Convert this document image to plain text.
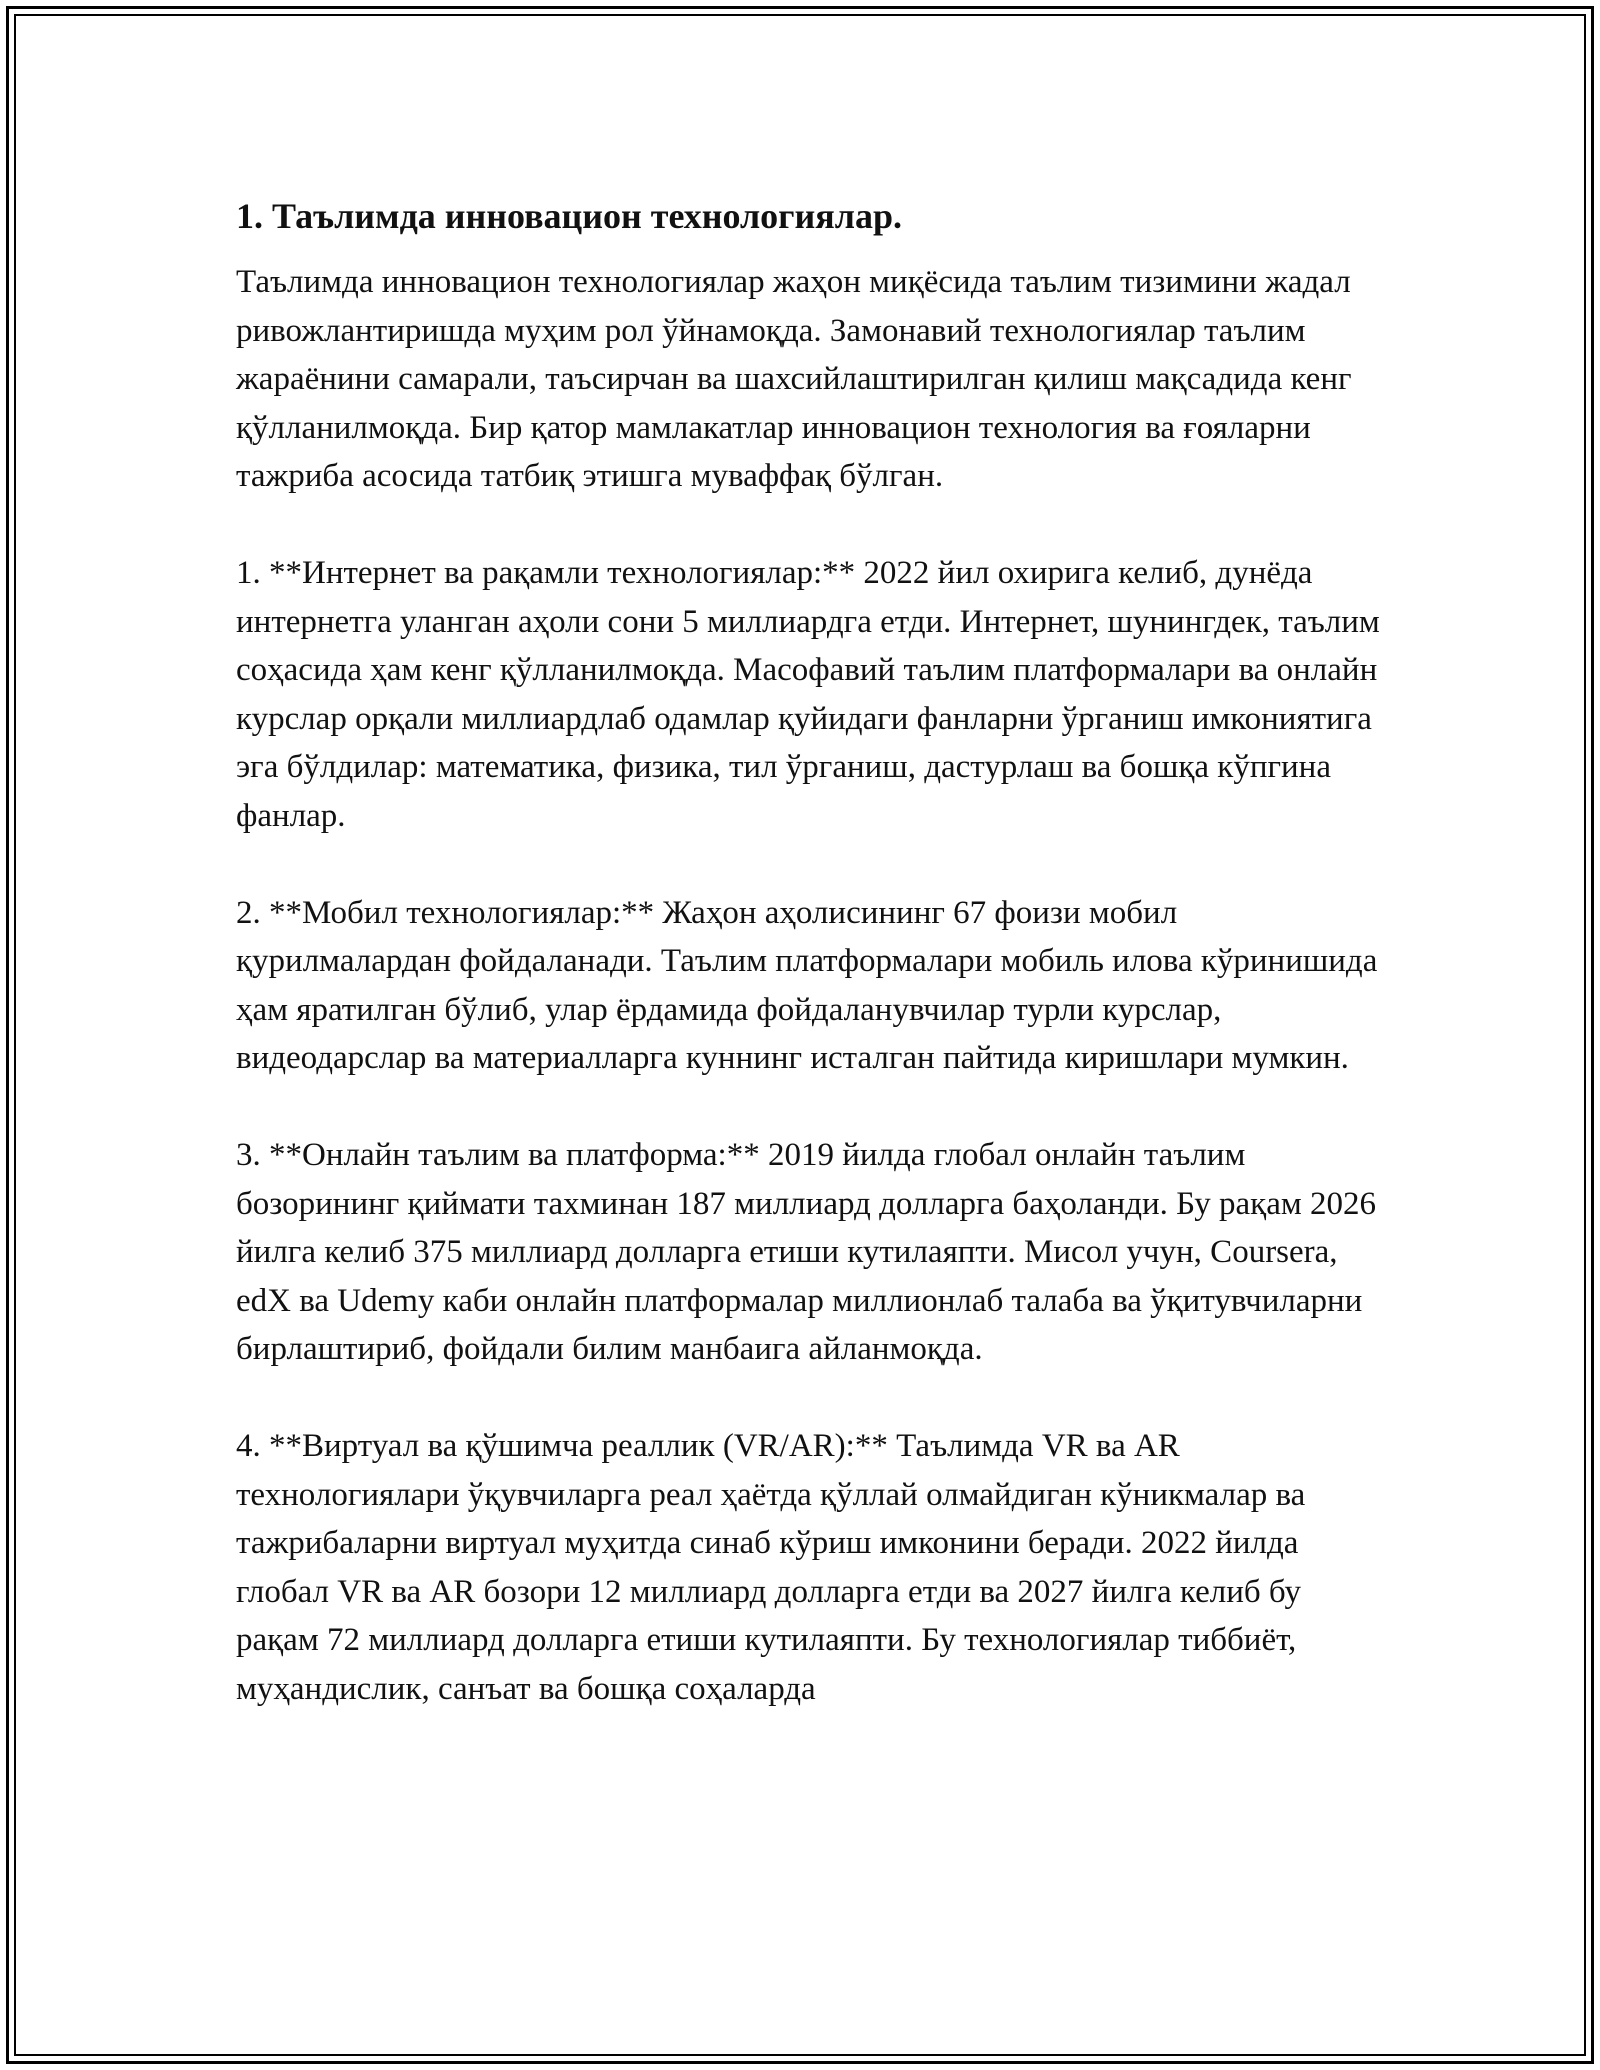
1. Таълимда инновацион технологиялар.

Таълимда инновацион технологиялар жаҳон миқёсида таълим тизимини жадал ривожлантиришда муҳим рол ўйнамоқда. Замонавий технологиялар таълим жараёнини самарали, таъсирчан ва шахсийлаштирилган қилиш мақсадида кенг қўлланилмоқда. Бир қатор мамлакатлар инновацион технология ва ғояларни тажриба асосида татбиқ этишга муваффақ бўлган.

1. **Интернет ва рақамли технологиялар:** 2022 йил охирига келиб, дунёда интернетга уланган аҳоли сони 5 миллиардга етди. Интернет, шунингдек, таълим соҳасида ҳам кенг қўлланилмоқда. Масофавий таълим платформалари ва онлайн курслар орқали миллиардлаб одамлар қуйидаги фанларни ўрганиш имкониятига эга бўлдилар: математика, физика, тил ўрганиш, дастурлаш ва бошқа кўпгина фанлар.

2. **Мобил технологиялар:** Жаҳон аҳолисининг 67 фоизи мобил қурилмалардан фойдаланади. Таълим платформалари мобиль илова кўринишида ҳам яратилган бўлиб, улар ёрдамида фойдаланувчилар турли курслар, видеодарслар ва материалларга куннинг исталган пайтида киришлари мумкин.

3. **Онлайн таълим ва платформа:** 2019 йилда глобал онлайн таълим бозорининг қиймати тахминан 187 миллиард долларга баҳоланди. Бу рақам 2026 йилга келиб 375 миллиард долларга етиши кутилаяпти. Мисол учун, Coursera, edX ва Udemy каби онлайн платформалар миллионлаб талаба ва ўқитувчиларни бирлаштириб, фойдали билим манбаига айланмоқда.

4. **Виртуал ва қўшимча реаллик (VR/AR):** Таълимда VR ва AR технологиялари ўқувчиларга реал ҳаётда қўллай олмайдиган кўникмалар ва тажрибаларни виртуал муҳитда синаб кўриш имконини беради. 2022 йилда глобал VR ва AR бозори 12 миллиард долларга етди ва 2027 йилга келиб бу рақам 72 миллиард долларга етиши кутилаяпти. Бу технологиялар тиббиёт, муҳандислик, санъат ва бошқа соҳаларда
